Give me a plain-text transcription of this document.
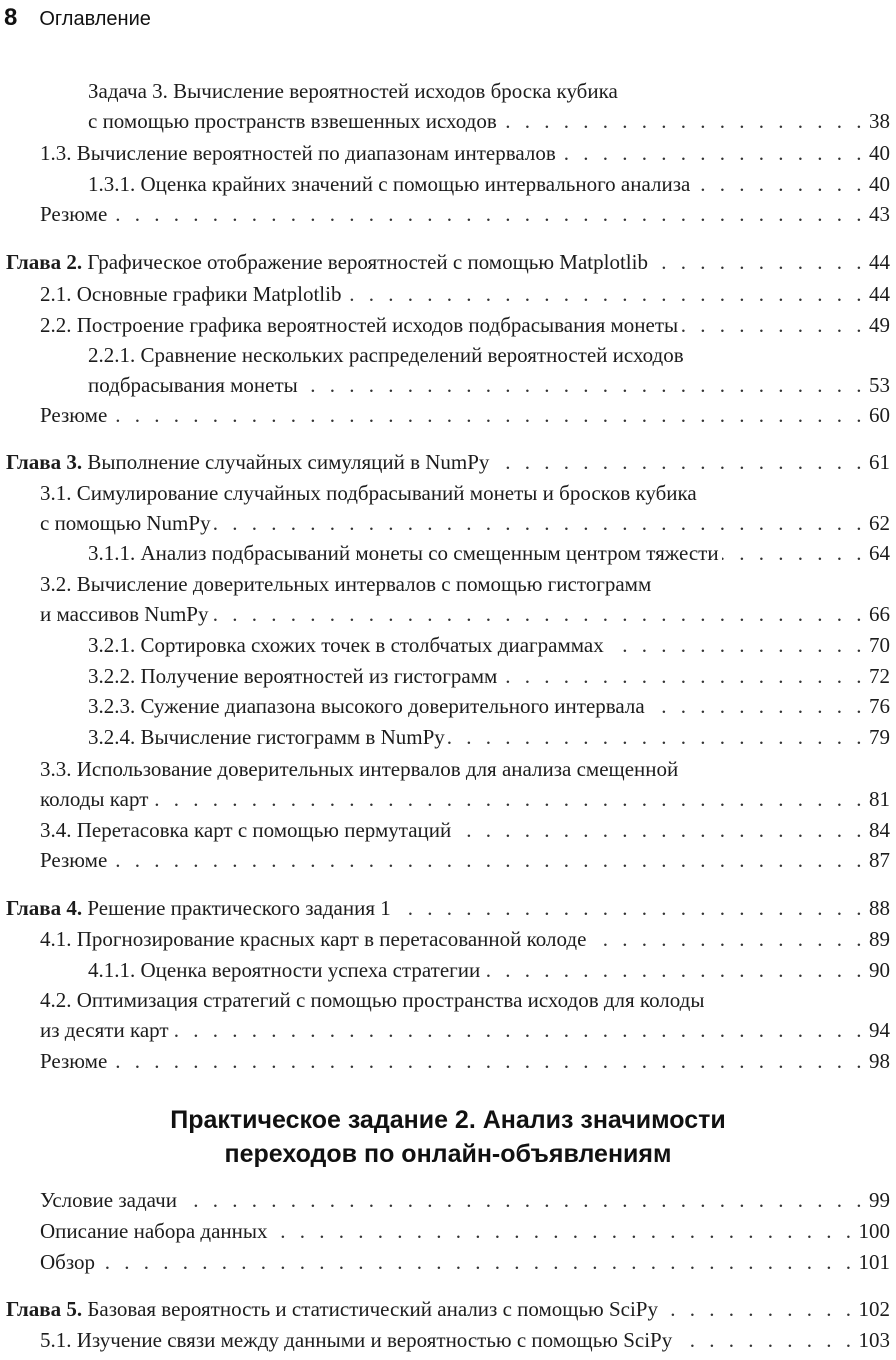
8 Оглавление
Задача 3. Вычисление вероятностей исходов броска кубика
с помощью пространств взвешенных исходов . . .	38
1.3. Вычисление вероятностей по диапазонам интервалов . . .	40
1.3.1. Оценка крайних значений с помощью интервального анализа . . .	40
Резюме . . .	43
Глава 2. Графическое отображение вероятностей с помощью Matplotlib . . .	44
2.1. Основные графики Matplotlib . . .	44
2.2. Построение графика вероятностей исходов подбрасывания монеты . . .	49
2.2.1. Сравнение нескольких распределений вероятностей исходов
подбрасывания монеты . . .	53
Резюме . . .	60
Глава 3. Выполнение случайных симуляций в NumPy . . .	61
3.1. Симулирование случайных подбрасываний монеты и бросков кубика
с помощью NumPy . . .	62
3.1.1. Анализ подбрасываний монеты со смещенным центром тяжести . . .	64
3.2. Вычисление доверительных интервалов с помощью гистограмм
и массивов NumPy . . .	66
3.2.1. Сортировка схожих точек в столбчатых диаграммах . . .	70
3.2.2. Получение вероятностей из гистограмм . . .	72
3.2.3. Сужение диапазона высокого доверительного интервала . . .	76
3.2.4. Вычисление гистограмм в NumPy . . .	79
3.3. Использование доверительных интервалов для анализа смещенной
колоды карт . . .	81
3.4. Перетасовка карт с помощью пермутаций . . .	84
Резюме . . .	87
Глава 4. Решение практического задания 1 . . .	88
4.1. Прогнозирование красных карт в перетасованной колоде . . .	89
4.1.1. Оценка вероятности успеха стратегии . . .	90
4.2. Оптимизация стратегий с помощью пространства исходов для колоды
из десяти карт . . .	94
Резюме . . .	98
Практическое задание 2. Анализ значимости
переходов по онлайн-объявлениям
Условие задачи . . .	99
Описание набора данных . . .	100
Обзор . . .	101
Глава 5. Базовая вероятность и статистический анализ с помощью SciPy . . .	102
5.1. Изучение связи между данными и вероятностью с помощью SciPy . . .	103
